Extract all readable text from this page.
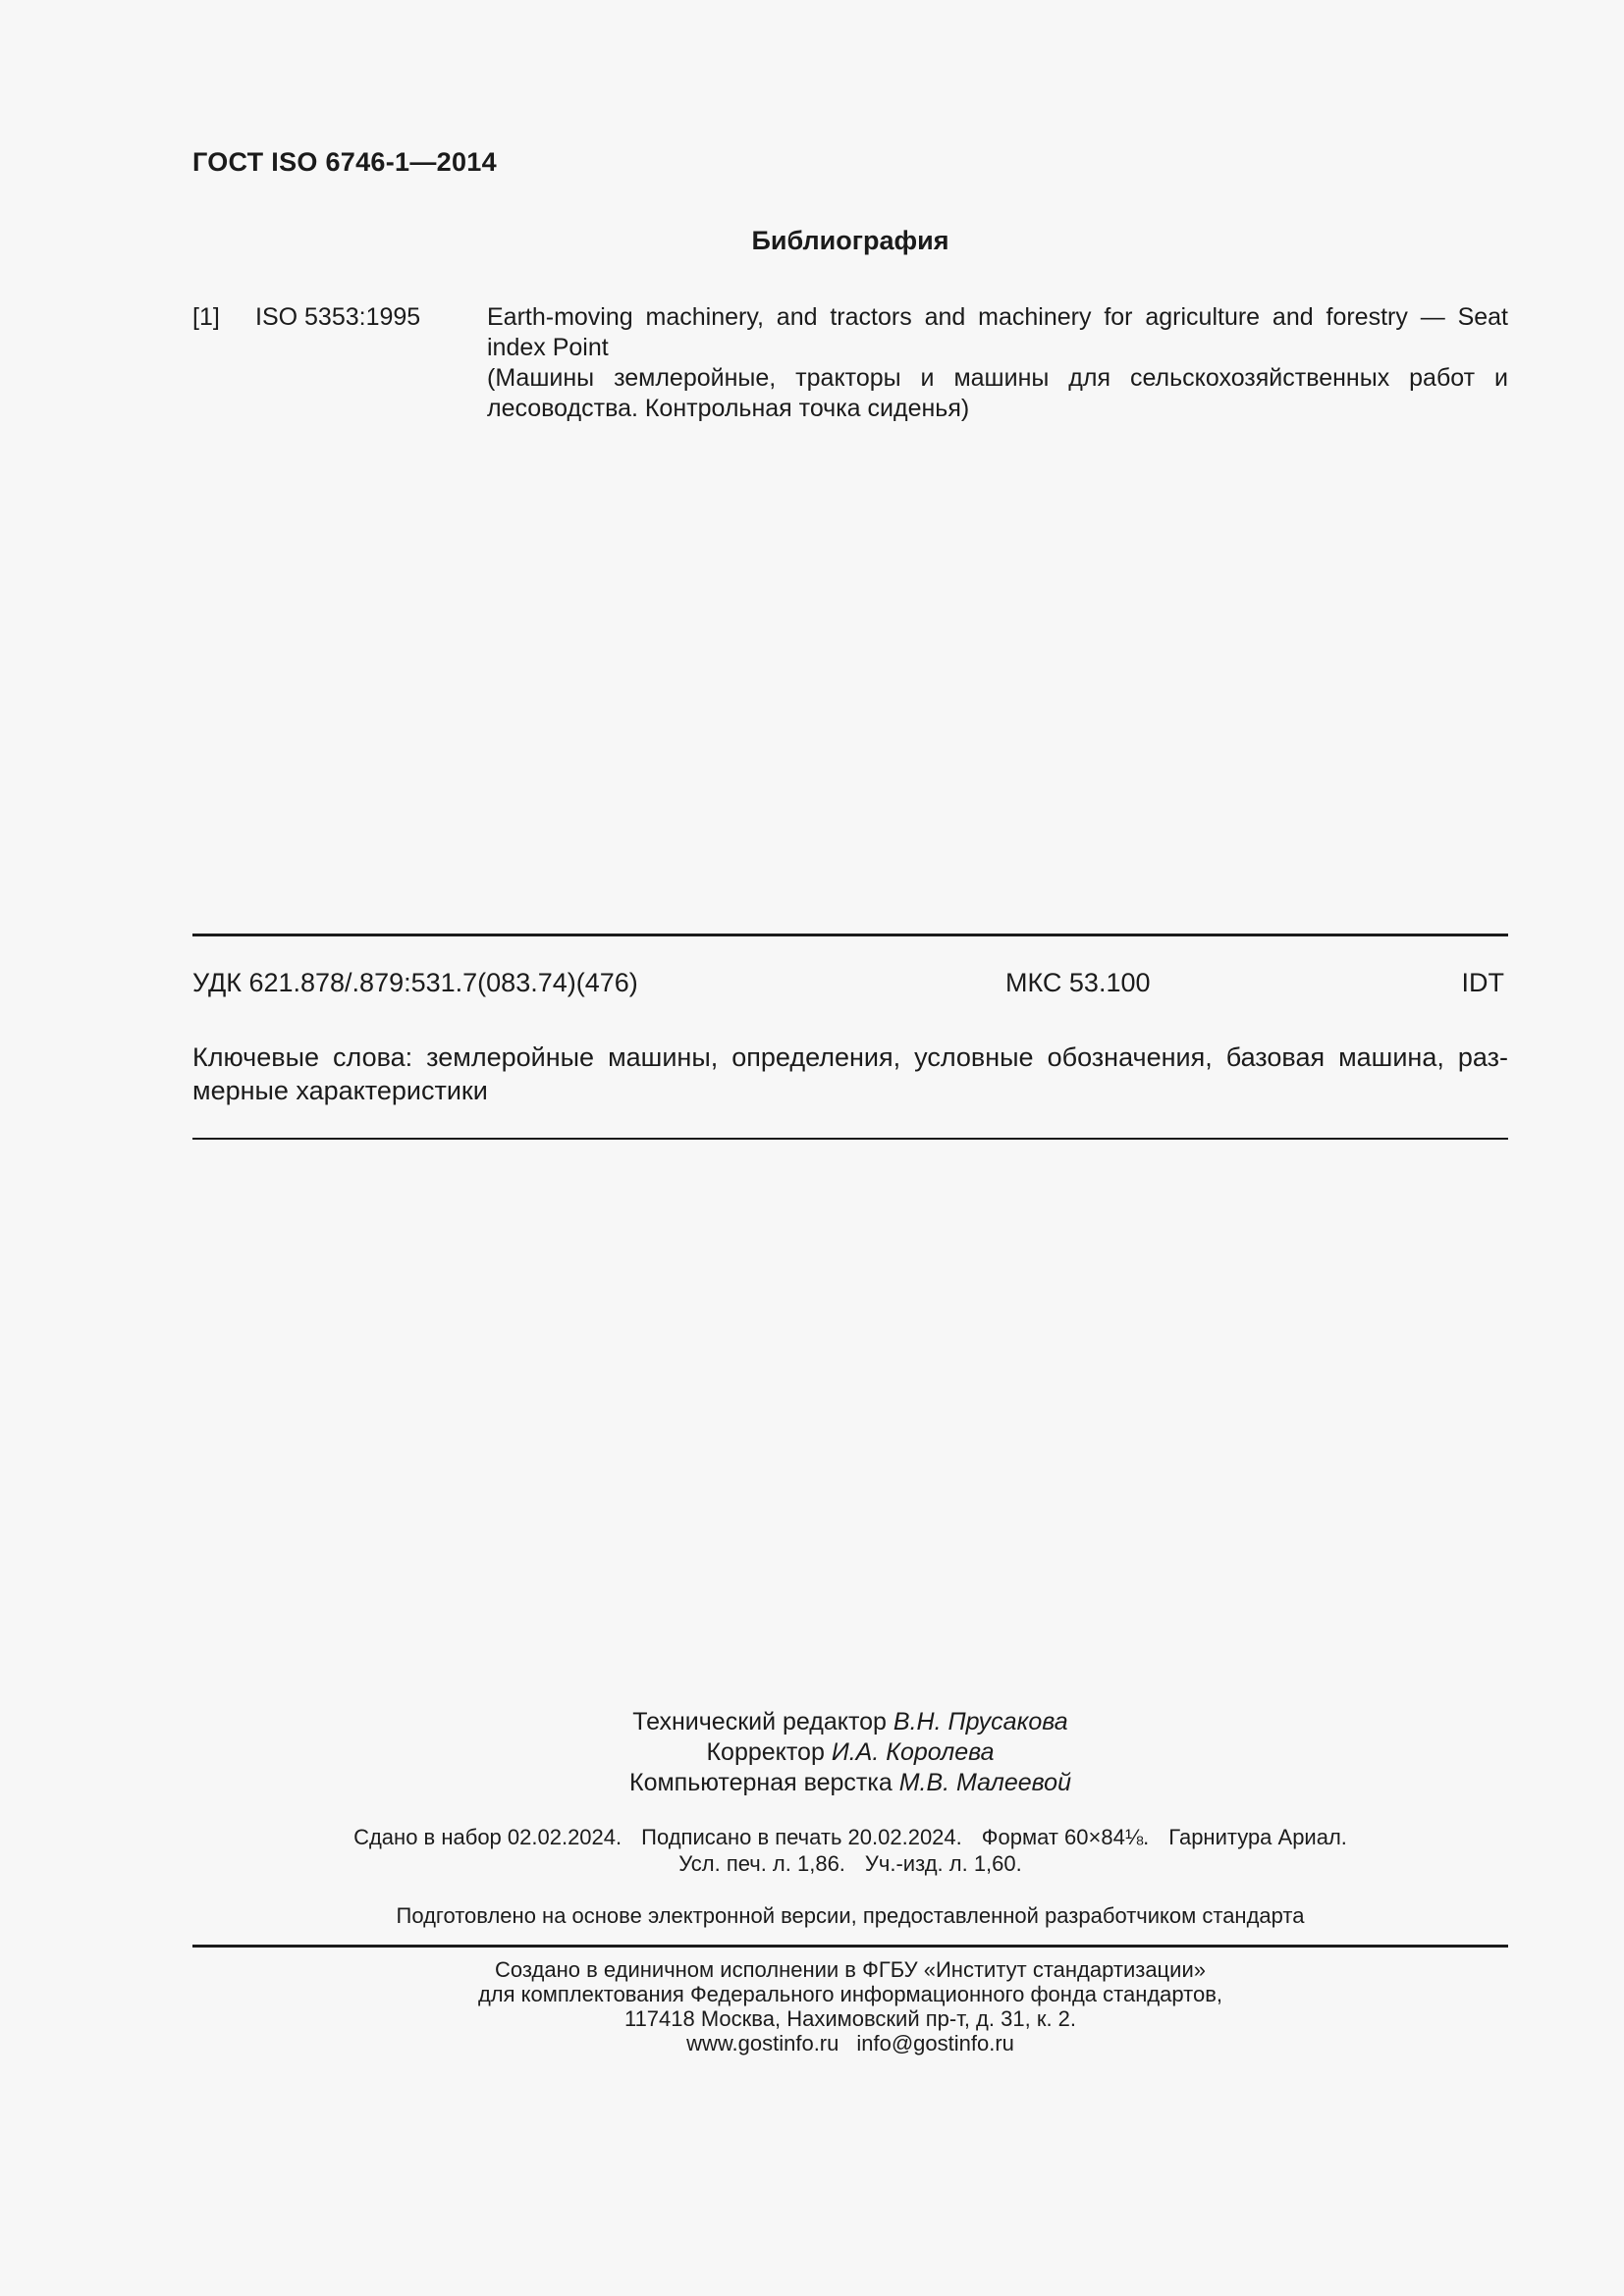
ГОСТ ISO 6746-1—2014
Библиография
[1] ISO 5353:1995	Earth-moving machinery, and tractors and machinery for agriculture and forestry — Seat index Point
(Машины землеройные, тракторы и машины для сельскохозяйственных работ и лесоводства. Контрольная точка сиденья)
УДК 621.878/.879:531.7(083.74)(476)	МКС 53.100	IDT
Ключевые слова: землеройные машины, определения, условные обозначения, базовая машина, раз-
мерные характеристики
Технический редактор В.Н. Прусакова
Корректор И.А. Королева
Компьютерная верстка М.В. Малеевой
Сдано в набор 02.02.2024. Подписано в печать 20.02.2024. Формат 60×84⅛. Гарнитура Ариал.
Усл. печ. л. 1,86. Уч.-изд. л. 1,60.
Подготовлено на основе электронной версии, предоставленной разработчиком стандарта
Создано в единичном исполнении в ФГБУ «Институт стандартизации»
для комплектования Федерального информационного фонда стандартов,
117418 Москва, Нахимовский пр-т, д. 31, к. 2.
www.gostinfo.ru info@gostinfo.ru
